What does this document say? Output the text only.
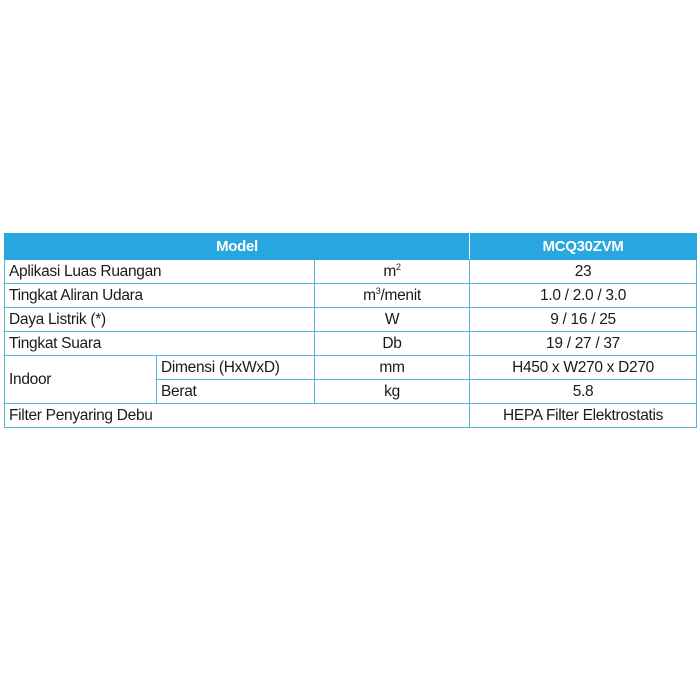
Model			MCQ30ZVM
Aplikasi Luas Ruangan		$m^2$	23
Tingkat Aliran Udara		$m^3$/menit	1.0 / 2.0 / 3.0
Daya Listrik (*)		W	9 / 16 / 25
Tingkat Suara		Db	19 / 27 / 37
Indoor	Dimensi (HxWxD)	mm	H450 x W270 x D270
	Berat	kg	5.8
Filter Penyaring Debu			HEPA Filter Elektrostatis
